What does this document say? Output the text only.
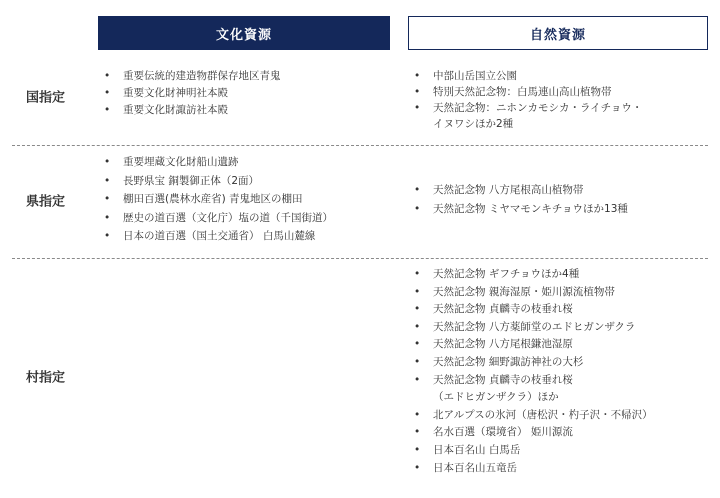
文化資源	自然資源
国指定
• 重要伝統的建造物群保存地区青鬼
• 重要文化財神明社本殿
• 重要文化財諏訪社本殿
• 中部山岳国立公園
• 特別天然記念物：白馬連山高山植物帯
• 天然記念物：ニホンカモシカ・ライチョウ・
イヌワシほか2種
県指定
• 重要埋蔵文化財船山遺跡
• 長野県宝 銅製御正体（2面）
• 棚田百選(農林水産省) 青鬼地区の棚田
• 歴史の道百選（文化庁）塩の道（千国街道）
• 日本の道百選（国土交通省） 白馬山麓線
• 天然記念物 八方尾根高山植物帯
• 天然記念物 ミヤマモンキチョウほか13種
村指定
• 天然記念物 ギフチョウほか4種
• 天然記念物 親海湿原・姫川源流植物帯
• 天然記念物 貞麟寺の枝垂れ桜
• 天然記念物 八方薬師堂のエドヒガンザクラ
• 天然記念物 八方尾根鎌池湿原
• 天然記念物 細野諏訪神社の大杉
• 天然記念物 貞麟寺の枝垂れ桜
（エドヒガンザクラ）ほか
• 北アルプスの氷河（唐松沢・杓子沢・不帰沢）
• 名水百選（環境省） 姫川源流
• 日本百名山 白馬岳
• 日本百名山五竜岳
